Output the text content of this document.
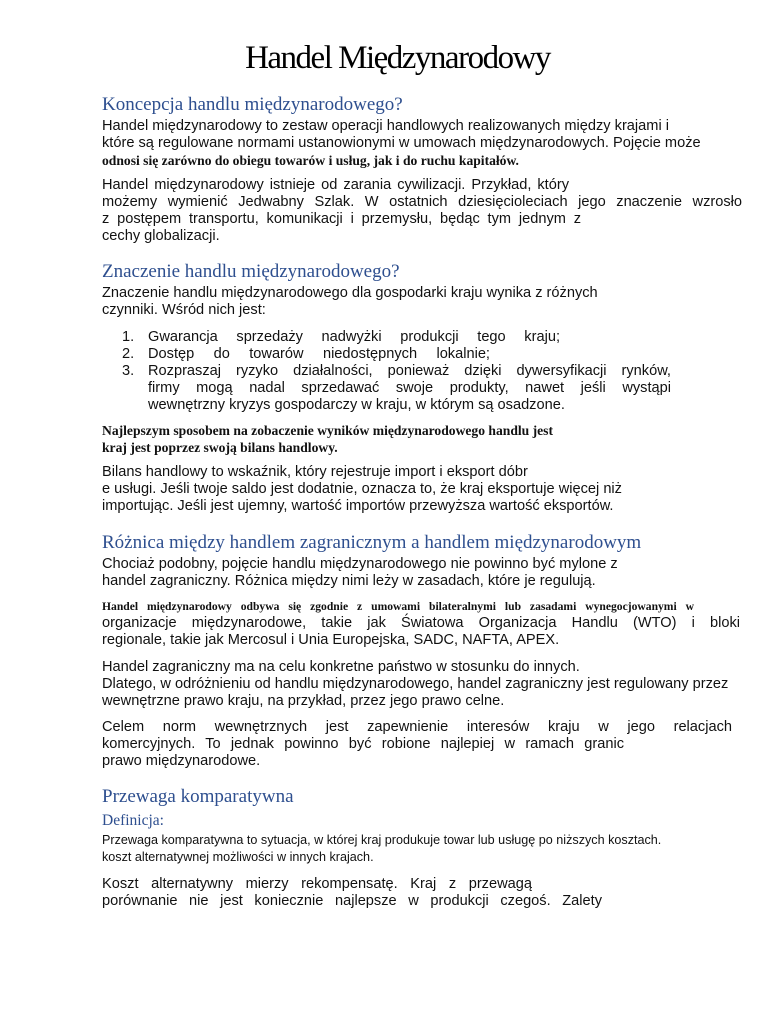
Handel Międzynarodowy
Koncepcja handlu międzynarodowego?
Handel międzynarodowy to zestaw operacji handlowych realizowanych między krajami i
które są regulowane normami ustanowionymi w umowach międzynarodowych. Pojęcie może
odnosi się zarówno do obiegu towarów i usług, jak i do ruchu kapitałów.
Handel międzynarodowy istnieje od zarania cywilizacji. Przykład, który
możemy wymienić Jedwabny Szlak. W ostatnich dziesięcioleciach jego znaczenie wzrosło
z postępem transportu, komunikacji i przemysłu, będąc tym jednym z
cechy globalizacji.
Znaczenie handlu międzynarodowego?
Znaczenie handlu międzynarodowego dla gospodarki kraju wynika z różnych
czynniki. Wśród nich jest:
1. Gwarancja sprzedaży nadwyżki produkcji tego kraju;
2. Dostęp do towarów niedostępnych lokalnie;
3. Rozpraszaj ryzyko działalności, ponieważ dzięki dywersyfikacji rynków,
firmy mogą nadal sprzedawać swoje produkty, nawet jeśli wystąpi
wewnętrzny kryzys gospodarczy w kraju, w którym są osadzone.
Najlepszym sposobem na zobaczenie wyników międzynarodowego handlu jest
kraj jest poprzez swoją bilans handlowy.
Bilans handlowy to wskaźnik, który rejestruje import i eksport dóbr
e usługi. Jeśli twoje saldo jest dodatnie, oznacza to, że kraj eksportuje więcej niż
importując. Jeśli jest ujemny, wartość importów przewyższa wartość eksportów.
Różnica między handlem zagranicznym a handlem międzynarodowym
Chociaż podobny, pojęcie handlu międzynarodowego nie powinno być mylone z
handel zagraniczny. Różnica między nimi leży w zasadach, które je regulują.
Handel międzynarodowy odbywa się zgodnie z umowami bilateralnymi lub zasadami wynegocjowanymi w
organizacje międzynarodowe, takie jak Światowa Organizacja Handlu (WTO) i bloki
regionale, takie jak Mercosul i Unia Europejska, SADC, NAFTA, APEX.
Handel zagraniczny ma na celu konkretne państwo w stosunku do innych.
Dlatego, w odróżnieniu od handlu międzynarodowego, handel zagraniczny jest regulowany przez
wewnętrzne prawo kraju, na przykład, przez jego prawo celne.
Celem norm wewnętrznych jest zapewnienie interesów kraju w jego relacjach
komercyjnych. To jednak powinno być robione najlepiej w ramach granic
prawo międzynarodowe.
Przewaga komparatywna
Definicja:
Przewaga komparatywna to sytuacja, w której kraj produkuje towar lub usługę po niższych kosztach.
koszt alternatywnej możliwości w innych krajach.
Koszt alternatywny mierzy rekompensatę. Kraj z przewagą
porównanie nie jest koniecznie najlepsze w produkcji czegoś. Zalety
